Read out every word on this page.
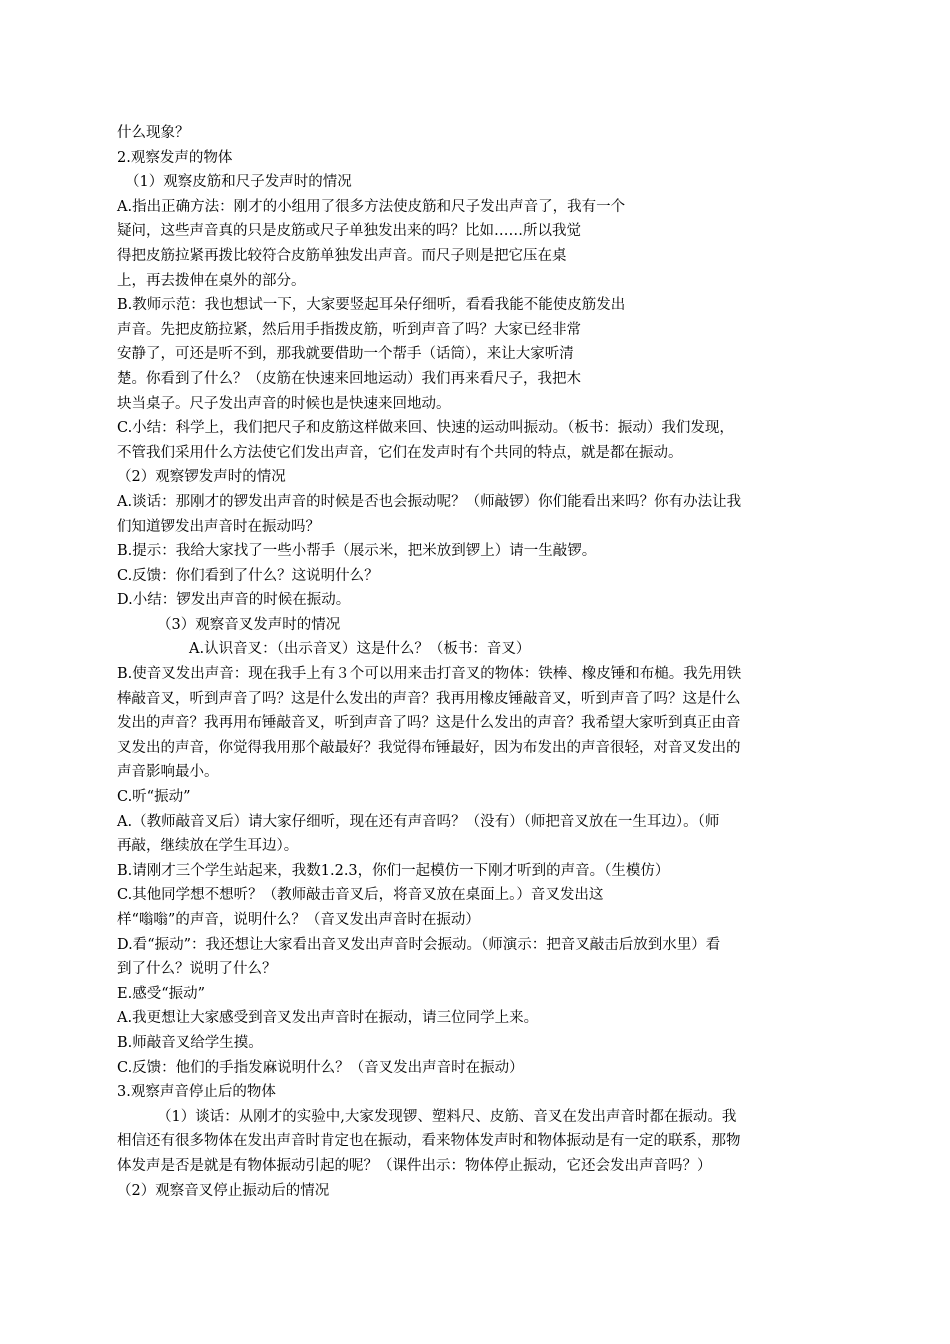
什么现象？
2.观察发声的物体
（1）观察皮筋和尺子发声时的情况
A.指出正确方法：刚才的小组用了很多方法使皮筋和尺子发出声音了，我有一个
疑问，这些声音真的只是皮筋或尺子单独发出来的吗？比如……所以我觉
得把皮筋拉紧再拨比较符合皮筋单独发出声音。而尺子则是把它压在桌
上，再去拨伸在桌外的部分。
B.教师示范：我也想试一下，大家要竖起耳朵仔细听，看看我能不能使皮筋发出
声音。先把皮筋拉紧，然后用手指拨皮筋，听到声音了吗？大家已经非常
安静了，可还是听不到，那我就要借助一个帮手（话筒），来让大家听清
楚。你看到了什么？（皮筋在快速来回地运动）我们再来看尺子，我把木
块当桌子。尺子发出声音的时候也是快速来回地动。
C.小结：科学上，我们把尺子和皮筋这样做来回、快速的运动叫振动。（板书：振动）我们发现，
不管我们采用什么方法使它们发出声音，它们在发声时有个共同的特点，就是都在振动。
（2）观察锣发声时的情况
A.谈话：那刚才的锣发出声音的时候是否也会振动呢？（师敲锣）你们能看出来吗？你有办法让我
们知道锣发出声音时在振动吗？
B.提示：我给大家找了一些小帮手（展示米，把米放到锣上）请一生敲锣。
C.反馈：你们看到了什么？这说明什么？
D.小结：锣发出声音的时候在振动。
（3）观察音叉发声时的情况
A.认识音叉：（出示音叉）这是什么？（板书：音叉）
B.使音叉发出声音：现在我手上有３个可以用来击打音叉的物体：铁棒、橡皮锤和布槌。我先用铁
棒敲音叉，听到声音了吗？这是什么发出的声音？我再用橡皮锤敲音叉，听到声音了吗？这是什么
发出的声音？我再用布锤敲音叉，听到声音了吗？这是什么发出的声音？我希望大家听到真正由音
叉发出的声音，你觉得我用那个敲最好？我觉得布锤最好，因为布发出的声音很轻，对音叉发出的
声音影响最小。
C.听“振动”
A.（教师敲音叉后）请大家仔细听，现在还有声音吗？（没有）（师把音叉放在一生耳边）。（师
再敲，继续放在学生耳边）。
B.请刚才三个学生站起来，我数1.2.3，你们一起模仿一下刚才听到的声音。（生模仿）
C.其他同学想不想听？（教师敲击音叉后，将音叉放在桌面上。）音叉发出这
样“嗡嗡”的声音，说明什么？（音叉发出声音时在振动）
D.看“振动”：我还想让大家看出音叉发出声音时会振动。（师演示：把音叉敲击后放到水里）看
到了什么？说明了什么？
E.感受“振动”
A.我更想让大家感受到音叉发出声音时在振动，请三位同学上来。
B.师敲音叉给学生摸。
C.反馈：他们的手指发麻说明什么？（音叉发出声音时在振动）
3.观察声音停止后的物体
（1）谈话：从刚才的实验中,大家发现锣、塑料尺、皮筋、音叉在发出声音时都在振动。我
相信还有很多物体在发出声音时肯定也在振动，看来物体发声时和物体振动是有一定的联系，那物
体发声是否是就是有物体振动引起的呢？（课件出示：物体停止振动，它还会发出声音吗？）
（2）观察音叉停止振动后的情况
